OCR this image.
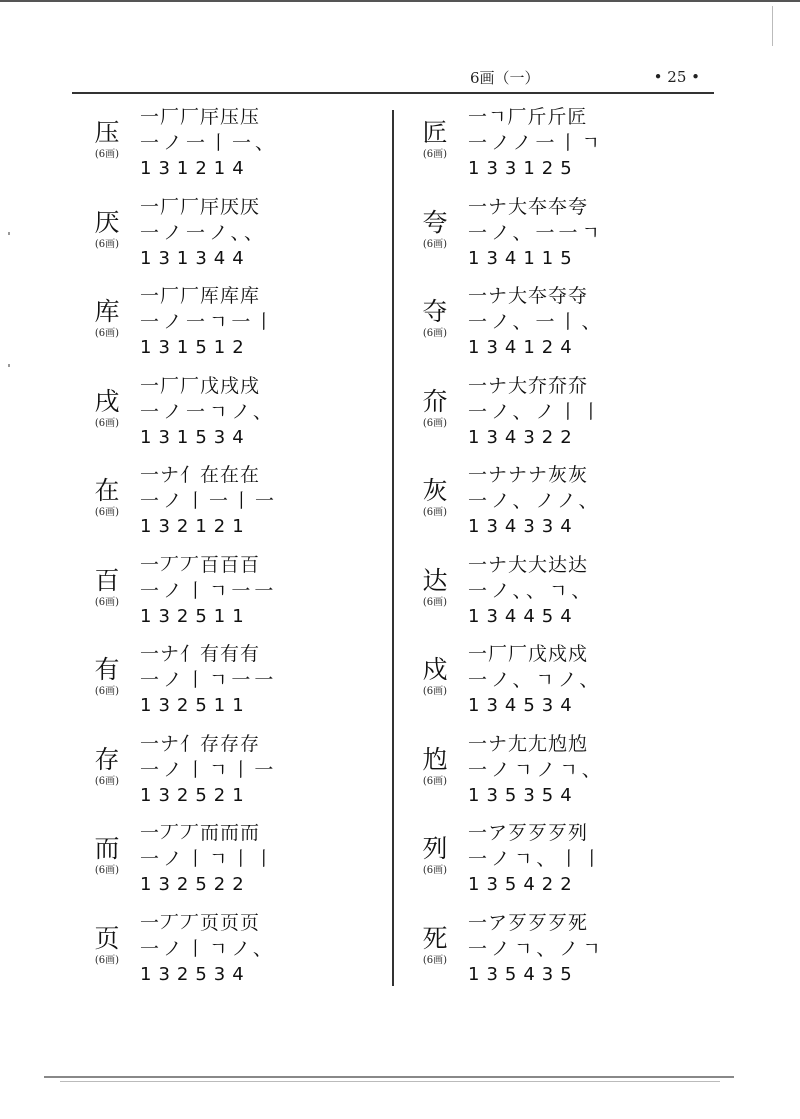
6画（一）	• 25 •
压
(6画)
一厂厂厈压压
一ノ一丨一、
131214
厌
(6画)
一厂厂厈厌厌
一ノ一ノ、、
131344
库
(6画)
一厂厂厍库库
一ノ一ㄱ一丨
131512
戌
(6画)
一厂厂戊戌戌
一ノ一ㄱノ、
131534
在
(6画)
一ナ亻在在在
一ノ丨一丨一
132121
百
(6画)
一丆丆百百百
一ノ丨ㄱ一一
132511
有
(6画)
一ナ亻有有有
一ノ丨ㄱ一一
132511
存
(6画)
一ナ亻存存存
一ノ丨ㄱ丨一
132521
而
(6画)
一丆丆而而而
一ノ丨ㄱ丨丨
132522
页
(6画)
一丆丆页页页
一ノ丨ㄱノ、
132534
匠
(6画)
一ㄱ厂斤斤匠
一ノノ一丨ㄱ
133125
夸
(6画)
一ナ大夲夲夸
一ノ、一一ㄱ
134115
夺
(6画)
一ナ大夲夺夺
一ノ、一丨、
134124
夼
(6画)
一ナ大夰夼夼
一ノ、ノ丨丨
134322
灰
(6画)
一ナナナ灰灰
一ノ、ノノ、
134334
达
(6画)
一ナ大大达达
一ノ、、ㄱ、
134454
戍
(6画)
一厂厂戊戍戍
一ノ、ㄱノ、
134534
尥
(6画)
一ナ尢尢尥尥
一ノㄱノㄱ、
135354
列
(6画)
一ア歹歹歹列
一ノㄱ、丨丨
135422
死
(6画)
一ア歹歹歹死
一ノㄱ、ノㄱ
135435
